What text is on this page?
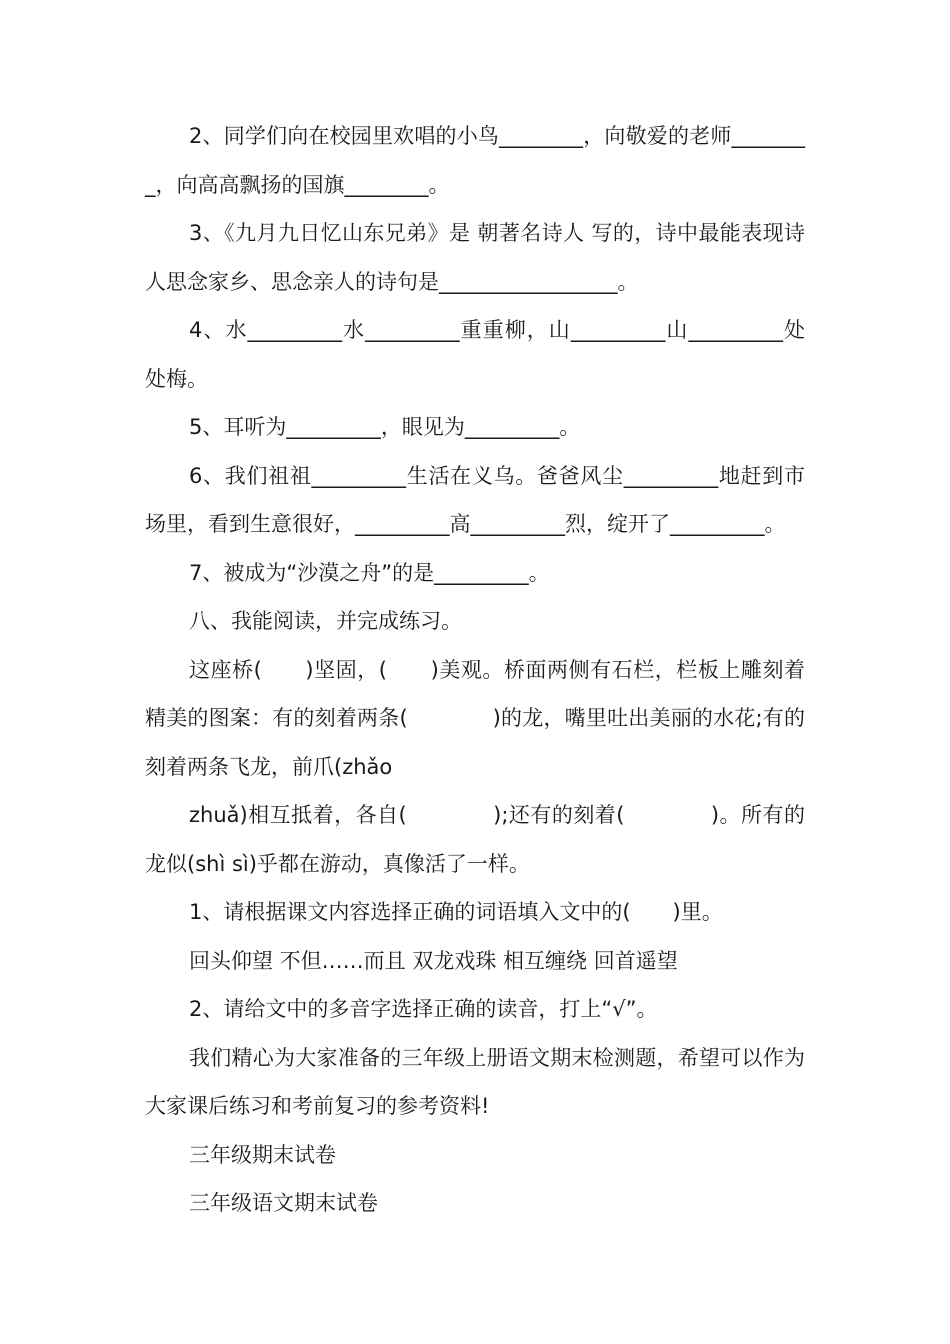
2、同学们向在校园里欢唱的小鸟________，向敬爱的老师________，向高高飘扬的国旗________。

3、《九月九日忆山东兄弟》是 朝著名诗人 写的，诗中最能表现诗人思念家乡、思念亲人的诗句是_________________。

4、水_________水_________重重柳，山_________山_________处处梅。

5、耳听为_________，眼见为_________。

6、我们祖祖_________生活在义乌。爸爸风尘_________地赶到市场里，看到生意很好，_________高_________烈，绽开了_________。

7、被成为“沙漠之舟”的是_________。

八、我能阅读，并完成练习。

这座桥(　　)坚固，(　　)美观。桥面两侧有石栏，栏板上雕刻着精美的图案：有的刻着两条(　　　　)的龙，嘴里吐出美丽的水花;有的刻着两条飞龙，前爪(zhǎo

zhuǎ)相互抵着，各自(　　　　);还有的刻着(　　　　)。所有的龙似(shì sì)乎都在游动，真像活了一样。

1、请根据课文内容选择正确的词语填入文中的(　　)里。

回头仰望 不但……而且 双龙戏珠 相互缠绕 回首遥望

2、请给文中的多音字选择正确的读音，打上“√”。

我们精心为大家准备的三年级上册语文期末检测题，希望可以作为大家课后练习和考前复习的参考资料!

三年级期末试卷

三年级语文期末试卷
